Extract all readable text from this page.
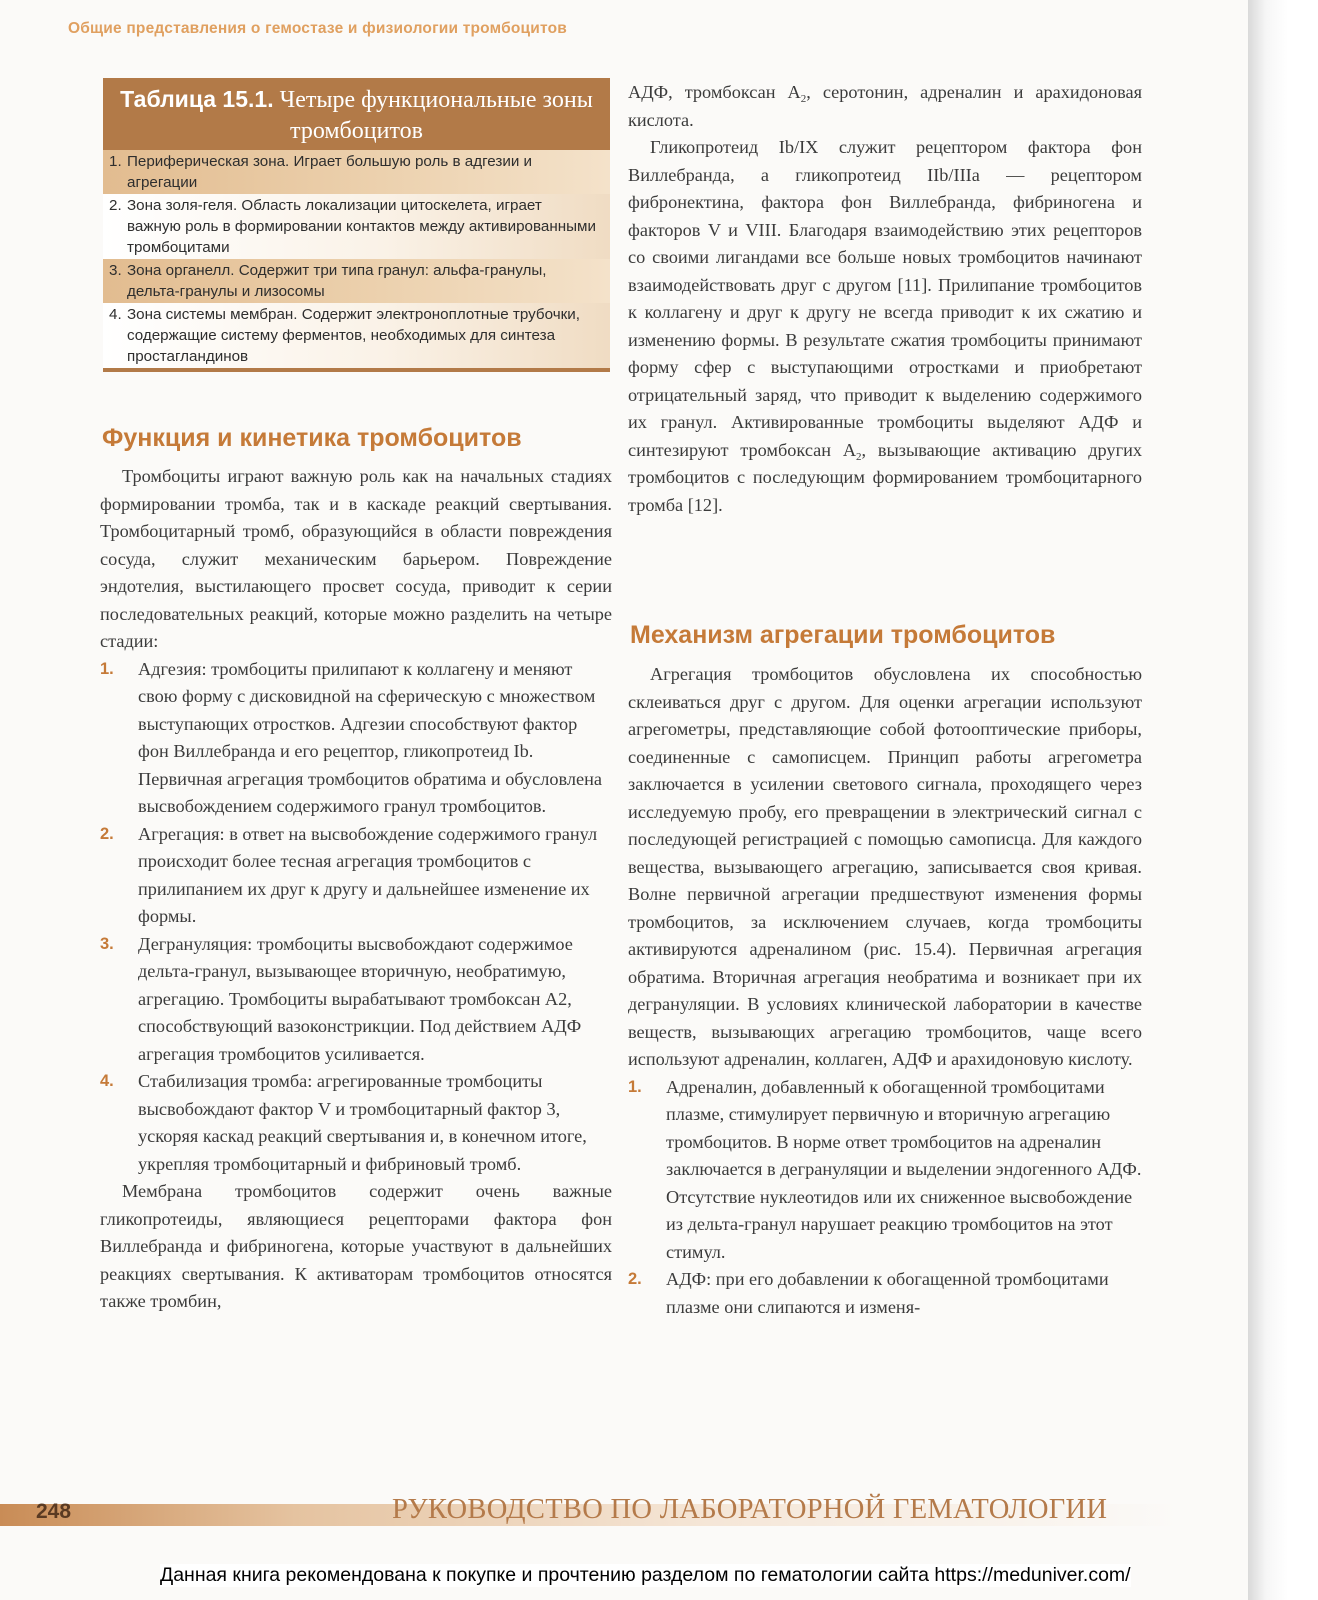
Общие представления о гемостазе и физиологии тромбоцитов
Таблица 15.1. Четыре функциональные зоны тромбоцитов
1. Периферическая зона. Играет большую роль в адгезии и агрегации
2. Зона золя-геля. Область локализации цитоскелета, играет важную роль в формировании контактов между активированными тромбоцитами
3. Зона органелл. Содержит три типа гранул: альфа-гранулы, дельта-гранулы и лизосомы
4. Зона системы мембран. Содержит электроноплотные трубочки, содержащие систему ферментов, необходимых для синтеза простагландинов
Функция и кинетика тромбоцитов

Тромбоциты играют важную роль как на начальных стадиях формировании тромба, так и в каскаде реакций свертывания. Тромбоцитарный тромб, образующийся в области повреждения сосуда, служит механическим барьером. Повреждение эндотелия, выстилающего просвет сосуда, приводит к серии последовательных реакций, которые можно разделить на четыре стадии:

1. Адгезия: тромбоциты прилипают к коллагену и меняют свою форму с дисковидной на сферическую с множеством выступающих отростков. Адгезии способствуют фактор фон Виллебранда и его рецептор, гликопротеид Ib. Первичная агрегация тромбоцитов обратима и обусловлена высвобождением содержимого гранул тромбоцитов.
2. Агрегация: в ответ на высвобождение содержимого гранул происходит более тесная агрегация тромбоцитов с прилипанием их друг к другу и дальнейшее изменение их формы.
3. Дегрануляция: тромбоциты высвобождают содержимое дельта-гранул, вызывающее вторичную, необратимую, агрегацию. Тромбоциты вырабатывают тромбоксан А2, способствующий вазоконстрикции. Под действием АДФ агрегация тромбоцитов усиливается.
4. Стабилизация тромба: агрегированные тромбоциты высвобождают фактор V и тромбоцитарный фактор 3, ускоряя каскад реакций свертывания и, в конечном итоге, укрепляя тромбоцитарный и фибриновый тромб.

Мембрана тромбоцитов содержит очень важные гликопротеиды, являющиеся рецепторами фактора фон Виллебранда и фибриногена, которые участвуют в дальнейших реакциях свертывания. К активаторам тромбоцитов относятся также тромбин,

АДФ, тромбоксан $А_2$, серотонин, адреналин и арахидоновая кислота.

Гликопротеид Ib/IX служит рецептором фактора фон Виллебранда, а гликопротеид IIb/IIIa — рецептором фибронектина, фактора фон Виллебранда, фибриногена и факторов V и VIII. Благодаря взаимодействию этих рецепторов со своими лигандами все больше новых тромбоцитов начинают взаимодействовать друг с другом [11]. Прилипание тромбоцитов к коллагену и друг к другу не всегда приводит к их сжатию и изменению формы. В результате сжатия тромбоциты принимают форму сфер с выступающими отростками и приобретают отрицательный заряд, что приводит к выделению содержимого их гранул. Активированные тромбоциты выделяют АДФ и синтезируют тромбоксан $А_2$, вызывающие активацию других тромбоцитов с последующим формированием тромбоцитарного тромба [12].

Механизм агрегации тромбоцитов

Агрегация тромбоцитов обусловлена их способностью склеиваться друг с другом. Для оценки агрегации используют агрегометры, представляющие собой фотооптические приборы, соединенные с самописцем. Принцип работы агрегометра заключается в усилении светового сигнала, проходящего через исследуемую пробу, его превращении в электрический сигнал с последующей регистрацией с помощью самописца. Для каждого вещества, вызывающего агрегацию, записывается своя кривая. Волне первичной агрегации предшествуют изменения формы тромбоцитов, за исключением случаев, когда тромбоциты активируются адреналином (рис. 15.4). Первичная агрегация обратима. Вторичная агрегация необратима и возникает при их дегрануляции. В условиях клинической лаборатории в качестве веществ, вызывающих агрегацию тромбоцитов, чаще всего используют адреналин, коллаген, АДФ и арахидоновую кислоту.

1. Адреналин, добавленный к обогащенной тромбоцитами плазме, стимулирует первичную и вторичную агрегацию тромбоцитов. В норме ответ тромбоцитов на адреналин заключается в дегрануляции и выделении эндогенного АДФ. Отсутствие нуклеотидов или их сниженное высвобождение из дельта-гранул нарушает реакцию тромбоцитов на этот стимул.
2. АДФ: при его добавлении к обогащенной тромбоцитами плазме они слипаются и изменя-
248	РУКОВОДСТВО ПО ЛАБОРАТОРНОЙ ГЕМАТОЛОГИИ
Данная книга рекомендована к покупке и прочтению разделом по гематологии сайта https://meduniver.com/
